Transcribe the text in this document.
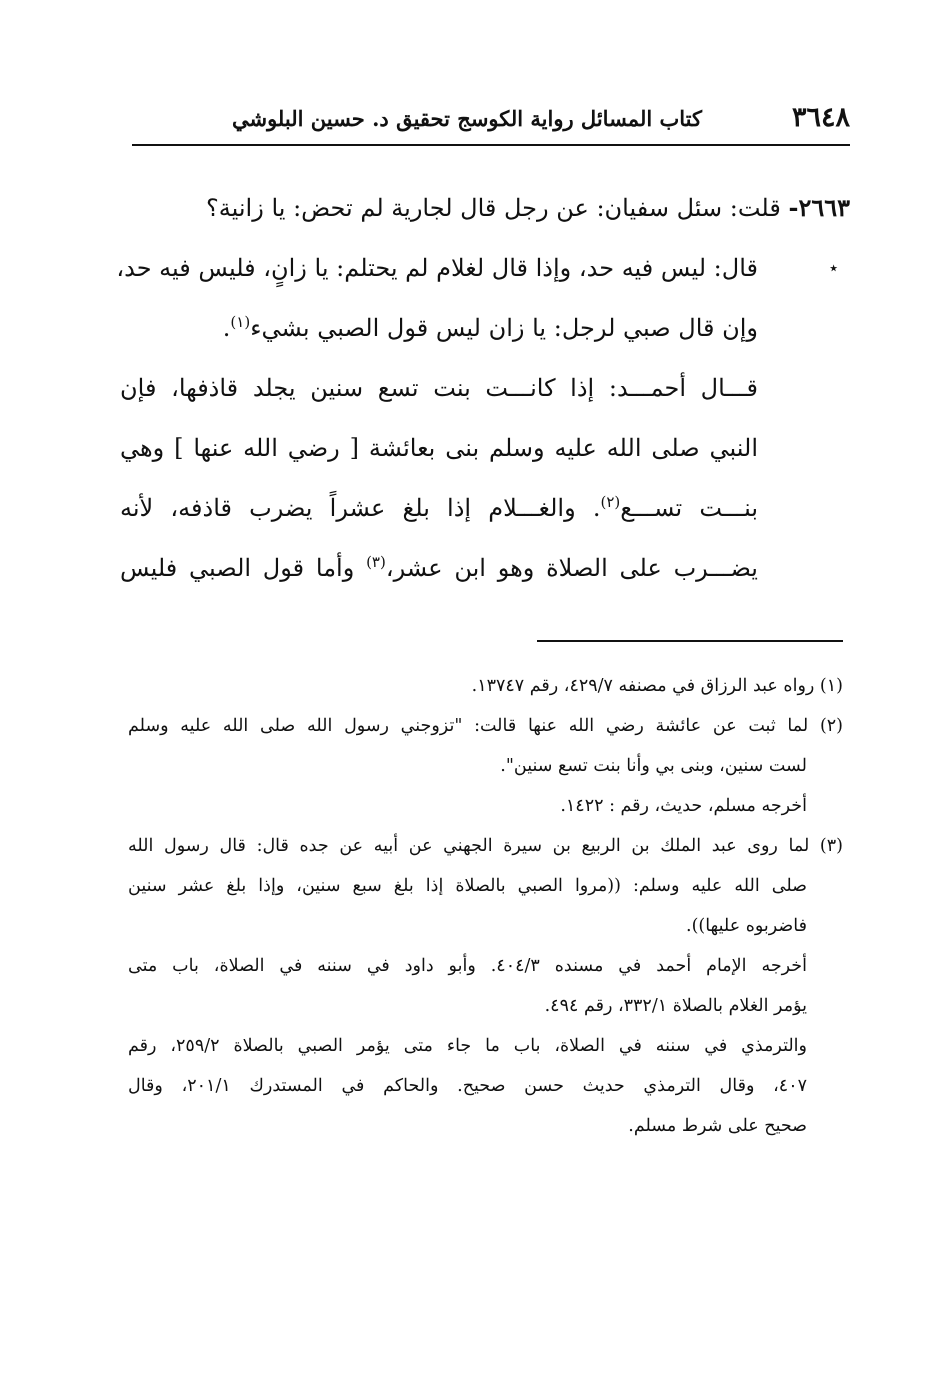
٣٦٤٨
كتاب المسائل رواية الكوسج تحقيق د. حسين البلوشي
٢٦٦٣- قلت: سئل سفيان: عن رجل قال لجارية لم تحض: يا زانية؟
٭
قال: ليس فيه حد، وإذا قال لغلام لم يحتلم: يا زانٍ، فليس فيه حد،
وإن قال صبي لرجل: يا زان ليس قول الصبي بشيء$^{(١)}$.
قـــال أحمـــد: إذا كانـــت بنت تسع سنين يجلد قاذفها، فإن
النبي صلى الله عليه وسلم بنى بعائشة [ رضي الله عنها ] وهي
بنـــت تســـع$^{(٢)}$. والغـــلام إذا بلغ عشراً يضرب قاذفه، لأنه
يضـــرب على الصلاة وهو ابن عشر،$^{(٣)}$ وأما قول الصبي فليس
(١) رواه عبد الرزاق في مصنفه ٤٢٩/٧، رقم ١٣٧٤٧.
(٢) لما ثبت عن عائشة رضي الله عنها قالت: "تزوجني رسول الله صلى الله عليه وسلم
لست سنين، وبنى بي وأنا بنت تسع سنين".
أخرجه مسلم، حديث، رقم : ١٤٢٢.
(٣) لما روى عبد الملك بن الربيع بن سيرة الجهني عن أبيه عن جده قال: قال رسول الله
صلى الله عليه وسلم: ((مروا الصبي بالصلاة إذا بلغ سبع سنين، وإذا بلغ عشر سنين
فاضربوه عليها)).
أخرجه الإمام أحمد في مسنده ٤٠٤/٣. وأبو داود في سننه في الصلاة، باب متى
يؤمر الغلام بالصلاة ٣٣٢/١، رقم ٤٩٤.
والترمذي في سننه في الصلاة، باب ما جاء متى يؤمر الصبي بالصلاة ٢٥٩/٢، رقم
٤٠٧، وقال الترمذي حديث حسن صحيح. والحاكم في المستدرك ٢٠١/١، وقال
صحيح على شرط مسلم.
